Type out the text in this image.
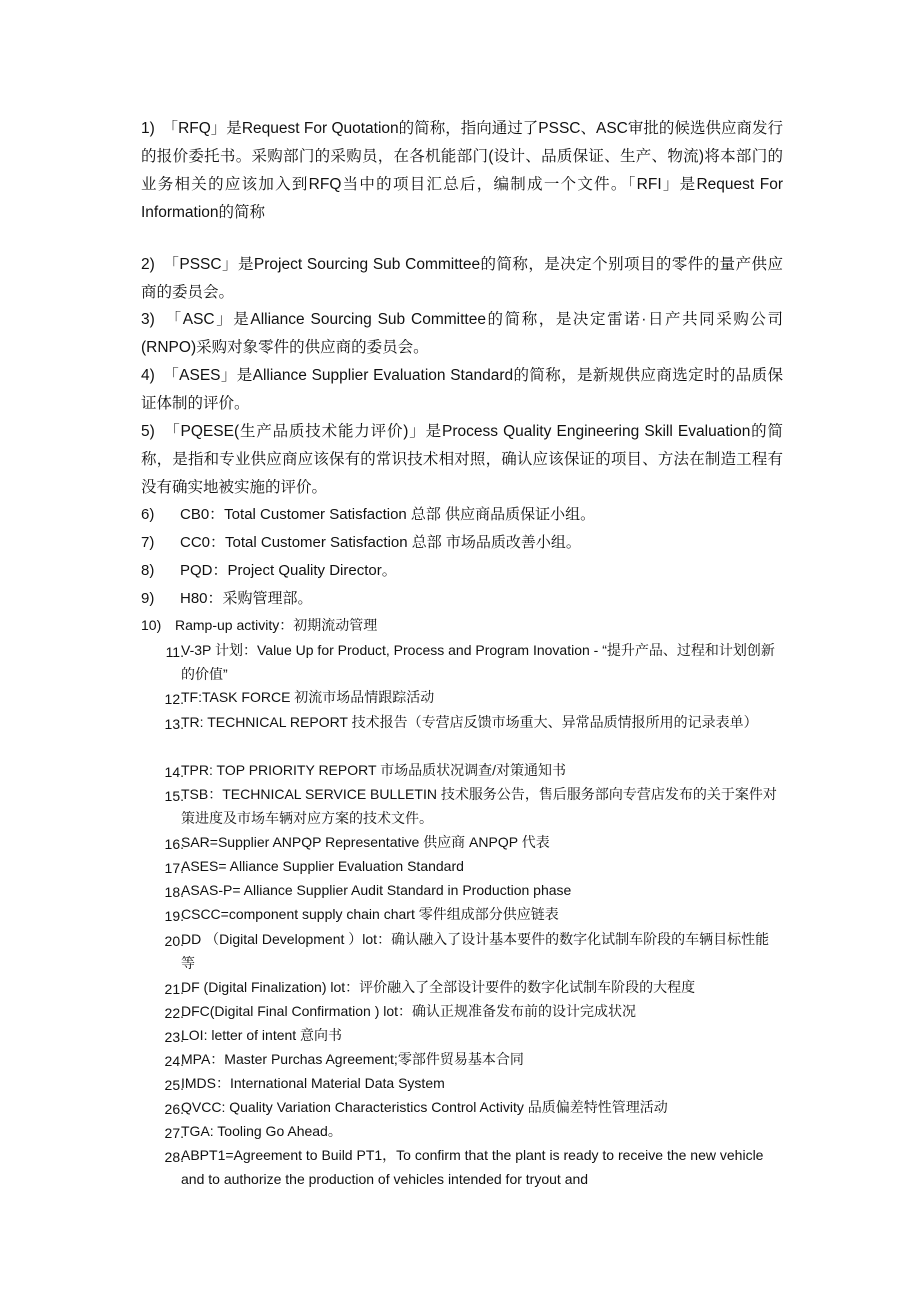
1)　「RFQ」是Request For Quotation的简称，指向通过了PSSC、ASC审批的候选供应商发行的报价委托书。采购部门的采购员，在各机能部门(设计、品质保证、生产、物流)将本部门的业务相关的应该加入到RFQ当中的项目汇总后，编制成一个文件。「RFI」是Request For Information的简称
2)　「PSSC」是Project Sourcing Sub Committee的简称，是决定个别项目的零件的量产供应商的委员会。
3)　「ASC」是Alliance Sourcing Sub Committee的简称，是决定雷诺·日产共同采购公司(RNPO)采购对象零件的供应商的委员会。
4)　「ASES」是Alliance Supplier Evaluation Standard的简称，是新规供应商选定时的品质保证体制的评价。
5)　「PQESE(生产品质技术能力评价)」是Process Quality Engineering Skill Evaluation的简称，是指和专业供应商应该保有的常识技术相对照，确认应该保证的项目、方法在制造工程有没有确实地被实施的评价。
6) CB0：Total Customer Satisfaction 总部 供应商品质保证小组。
7) CC0：Total Customer Satisfaction 总部 市场品质改善小组。
8) PQD：Project Quality Director。
9) H80：采购管理部。
10) Ramp-up activity：初期流动管理
11.
V-3P 计划：Value Up for Product, Process and Program Inovation - “提升产品、过程和计划创新的价值”
12.
TF:TASK FORCE 初流市场品情跟踪活动
13.
TR: TECHNICAL REPORT 技术报告（专营店反馈市场重大、异常品质情报所用的记录表单）
14.
TPR: TOP PRIORITY REPORT 市场品质状况调查/对策通知书
15.
TSB：TECHNICAL SERVICE BULLETIN 技术服务公告，售后服务部向专营店发布的关于案件对策进度及市场车辆对应方案的技术文件。
16.
SAR=Supplier ANPQP Representative 供应商 ANPQP 代表
17.
ASES= Alliance Supplier Evaluation Standard
18.
ASAS-P= Alliance Supplier Audit Standard in Production phase
19.
CSCC=component supply chain chart 零件组成部分供应链表
20.
DD （Digital Development ）lot：确认融入了设计基本要件的数字化试制车阶段的车辆目标性能等
21.
DF (Digital Finalization) lot：评价融入了全部设计要件的数字化试制车阶段的大程度
22.
DFC(Digital Final Confirmation ) lot：确认正规准备发布前的设计完成状况
23.
LOI: letter of intent 意向书
24.
MPA：Master Purchas Agreement;零部件贸易基本合同
25.
IMDS：International Material Data System
26.
QVCC: Quality Variation Characteristics Control Activity 品质偏差特性管理活动
27.
TGA: Tooling Go Ahead。
28.
ABPT1=Agreement to Build PT1，To confirm that the plant is ready to receive the new vehicle and to authorize the production of vehicles intended for tryout and
